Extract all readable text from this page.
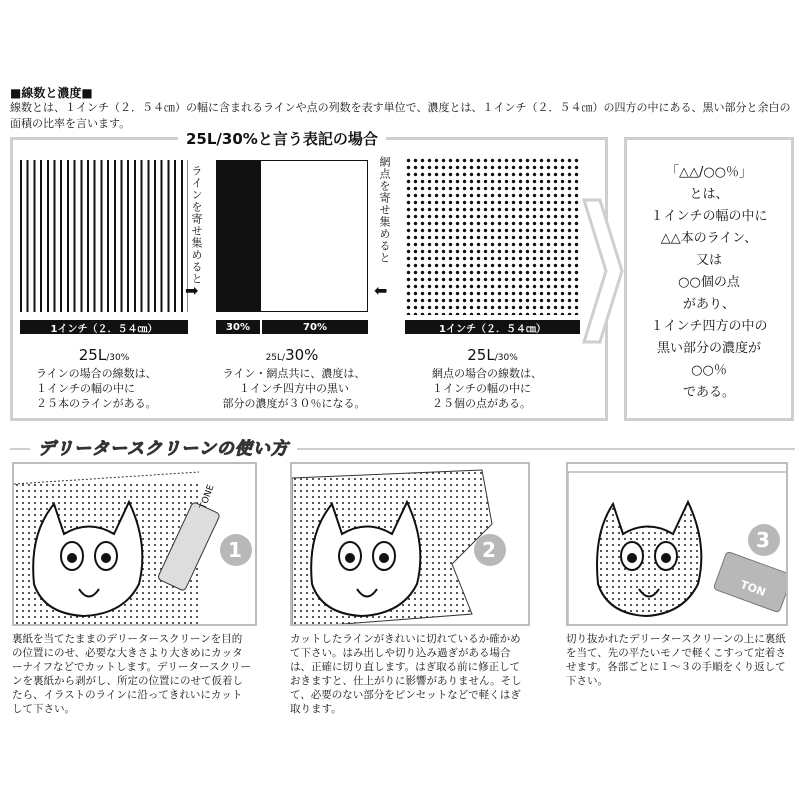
■線数と濃度■
線数とは、１インチ（２．５４㎝）の幅に含まれるラインや点の列数を表す単位で、濃度とは、１インチ（２．５４㎝）の四方の中にある、黒い部分と余白の面積の比率を言います。
25L/30%と言う表記の場合
ラインを寄せ集めると
➡
1インチ（２．５４㎝）
25L/30%
ラインの場合の線数は、
１インチの幅の中に
２５本のラインがある。
30%	70%
25L/30%
ライン・網点共に、濃度は、
１インチ四方中の黒い
部分の濃度が３０％になる。
網点を寄せ集めると
⬅
1インチ（２．５４㎝）
25L/30%
網点の場合の線数は、
１インチの幅の中に
２５個の点がある。
「△△/○○％」
とは、
１インチの幅の中に
△△本のライン、
又は
○○個の点
があり、
１インチ四方の中の
黒い部分の濃度が
○○％
である。
デリータースクリーンの使い方
1
TONE
裏紙を当てたままのデリータースクリーンを目的の位置にのせ、必要な大きさより大きめにカッターナイフなどでカットします。デリータースクリーンを裏紙から剥がし、所定の位置にのせて仮着したら、イラストのラインに沿ってきれいにカットして下さい。
2
カットしたラインがきれいに切れているか確かめて下さい。はみ出しや切り込み過ぎがある場合は、正確に切り直します。はぎ取る前に修正しておきますと、仕上がりに影響がありません。そして、必要のない部分をピンセットなどで軽くはぎ取ります。
3
TON
切り抜かれたデリータースクリーンの上に裏紙を当て、先の平たいモノで軽くこすって定着させます。各部ごとに１～３の手順をくり返して下さい。
